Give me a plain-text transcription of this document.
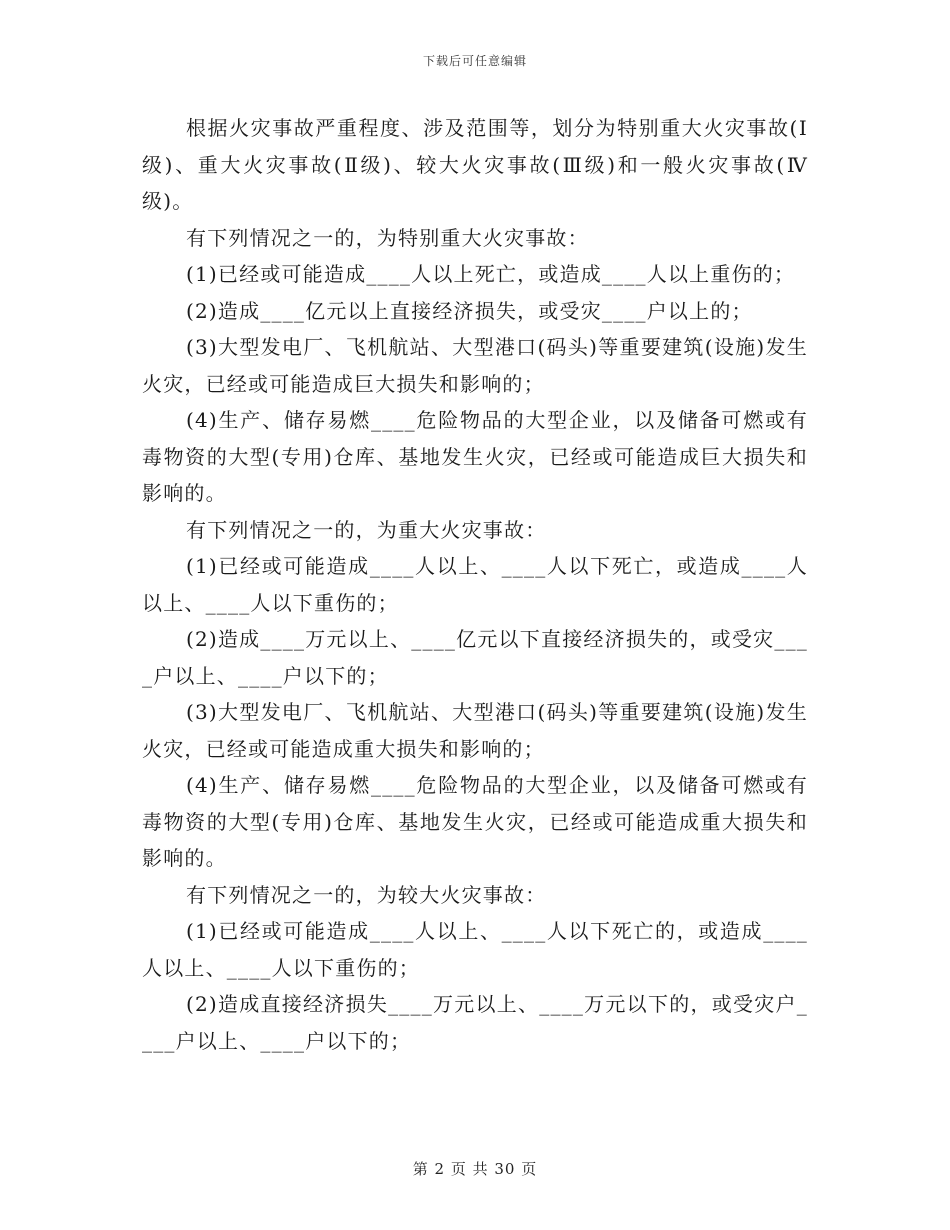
下载后可任意编辑

根据火灾事故严重程度、涉及范围等，划分为特别重大火灾事故(Ⅰ级)、重大火灾事故(Ⅱ级)、较大火灾事故(Ⅲ级)和一般火灾事故(Ⅳ级)。

有下列情况之一的，为特别重大火灾事故：

(1)已经或可能造成____人以上死亡，或造成____人以上重伤的；

(2)造成____亿元以上直接经济损失，或受灾____户以上的；

(3)大型发电厂、飞机航站、大型港口(码头)等重要建筑(设施)发生火灾，已经或可能造成巨大损失和影响的；

(4)生产、储存易燃____危险物品的大型企业，以及储备可燃或有毒物资的大型(专用)仓库、基地发生火灾，已经或可能造成巨大损失和影响的。

有下列情况之一的，为重大火灾事故：

(1)已经或可能造成____人以上、____人以下死亡，或造成____人以上、____人以下重伤的；

(2)造成____万元以上、____亿元以下直接经济损失的，或受灾____户以上、____户以下的；

(3)大型发电厂、飞机航站、大型港口(码头)等重要建筑(设施)发生火灾，已经或可能造成重大损失和影响的；

(4)生产、储存易燃____危险物品的大型企业，以及储备可燃或有毒物资的大型(专用)仓库、基地发生火灾，已经或可能造成重大损失和影响的。

有下列情况之一的，为较大火灾事故：

(1)已经或可能造成____人以上、____人以下死亡的，或造成____人以上、____人以下重伤的；

(2)造成直接经济损失____万元以上、____万元以下的，或受灾户____户以上、____户以下的；

第 2 页 共 30 页
